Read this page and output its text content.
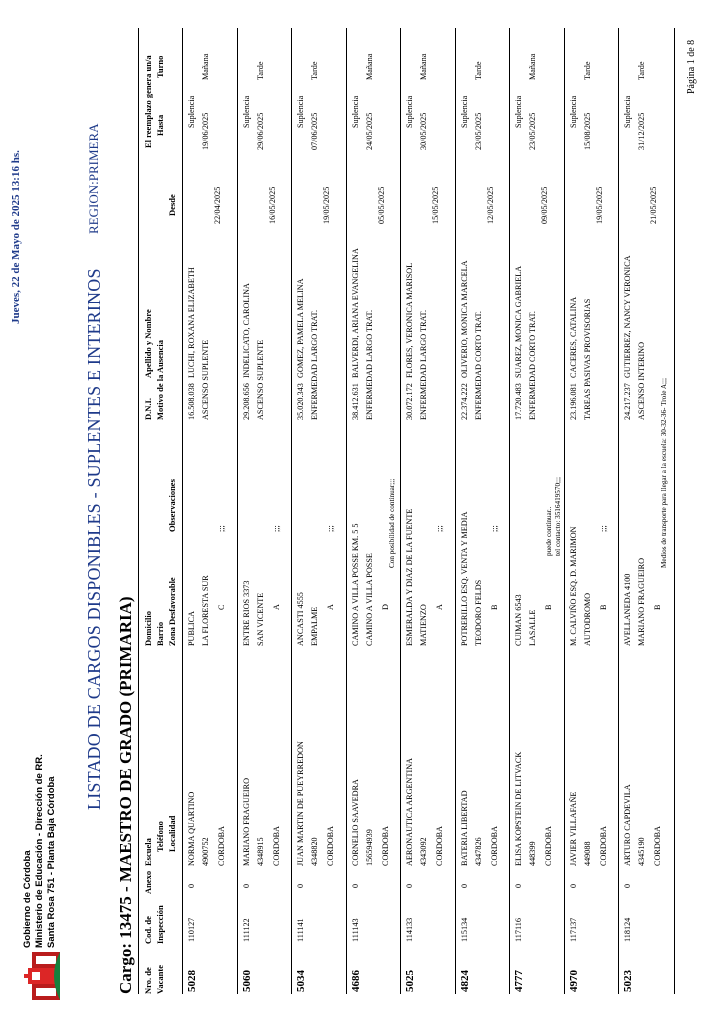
Gobierno de Córdoba Ministerio de Educación - Dirección de RR. Santa Rosa 751 - Planta Baja Córdoba
Jueves, 22 de Mayo de 2025 13:16 hs.
LISTADO DE CARGOS DISPONIBLES - SUPLENTES E INTERINOS
REGION:PRIMERA
Cargo: 13475 - MAESTRO DE GRADO (PRIMARIA) Nro. de Vacante
Cod. de Inspección
Anexo
Escuela
Teléfono Localidad
Domicilio Barrio Zona Desfavorable
Observaciones
D.N.I.
Apellido y Nombre Motivo de la Ausencia
Desde
El reemplazo genera un/a Hasta
Turno
5028
110127
0
NORMA QUARTINO 4900752 CORDOBA
PUBLICA LA FLORESTA SUR C
16.508.038
LUCHI, ROXANA ELIZABETH
ASCENSO SUPLENTE
22/04/2025
Suplencia
19/06/2025
Mañana
;;;
5060
111122
0
MARIANO FRAGUEIRO 4348915 CORDOBA
ENTRE RIOS 3373 SAN VICENTE A
29.208.656
INDELICATO, CAROLINA
ASCENSO SUPLENTE
16/05/2025
Suplencia
29/06/2025
Tarde
;;;
5034
111141
0
JUAN MARTIN DE PUEYRREDON 4348820 CORDOBA
ANCASTI 4555 EMPALME A
35.020.343
GOMEZ, PAMELA MELINA ENFERMEDAD LARGO TRAT.
19/05/2025
Suplencia
07/06/2025
Tarde
;;;
4686
111143
0
CORNELIO SAAVEDRA 156594939 CORDOBA
CAMINO A VILLA POSSE KM. 5 5 CAMINO A VILLA POSSE D
38.412.631
BALVERDI, ARIANA EVANGELINA ENFERMEDAD LARGO TRAT.
05/05/2025
Suplencia
24/05/2025
Mañana
Con posibilidad de continuar;;;
5025
114133
0
AERONAUTICA ARGENTINA 4343092 CORDOBA
ESMERALDA Y DIAZ DE LA FUENTE MATIENZO A
30.072.172
FLORES, VERONICA MARISOL ENFERMEDAD LARGO TRAT.
15/05/2025
Suplencia
30/05/2025
Mañana
;;;
4824
115134
0
BATERIA LIBERTAD 4347826 CORDOBA
POTRERILLO ESQ. VENTA Y MEDIA TEODORO FELDS B
22.374.222
OLIVERIO, MONICA MARCELA ENFERMEDAD CORTO TRAT.
12/05/2025
Suplencia
23/05/2025
Tarde
;;;
4777
117116
0
ELISA KOPSTEIN DE LITVACK 448399 CORDOBA
CUIMAN 6543 LASALLE
B
17.720.483
SUAREZ, MONICA GABRIELA ENFERMEDAD CORTO TRAT.
09/05/2025
Suplencia
23/05/2025
Mañana
tel contacto: 3516419570;;;
puede continuar..
4970
117137
0
JAVIER VILLAFAÑE 449088 CORDOBA
M. CALVIÑO ESQ. D. MARIMON AUTODROMO B
23.196.081
CACERES, CATALINA TAREAS PASIVAS PROVISORIAS
19/05/2025
Suplencia
15/08/2025
Tarde
;;;
5023
118124
0
ARTURO CAPDEVILA 4345190 CORDOBA
AVELLANEDA 4100 MARIANO FRAGUEIRO B
24.217.237
GUTIERREZ, NANCY VERONICA
ASCENSO INTERINO
21/05/2025
Suplencia
31/12/2025
Tarde
Medios de transporte para llegar a la escuela: 30-32-36- Trole A;;;
Página 1 de 8
